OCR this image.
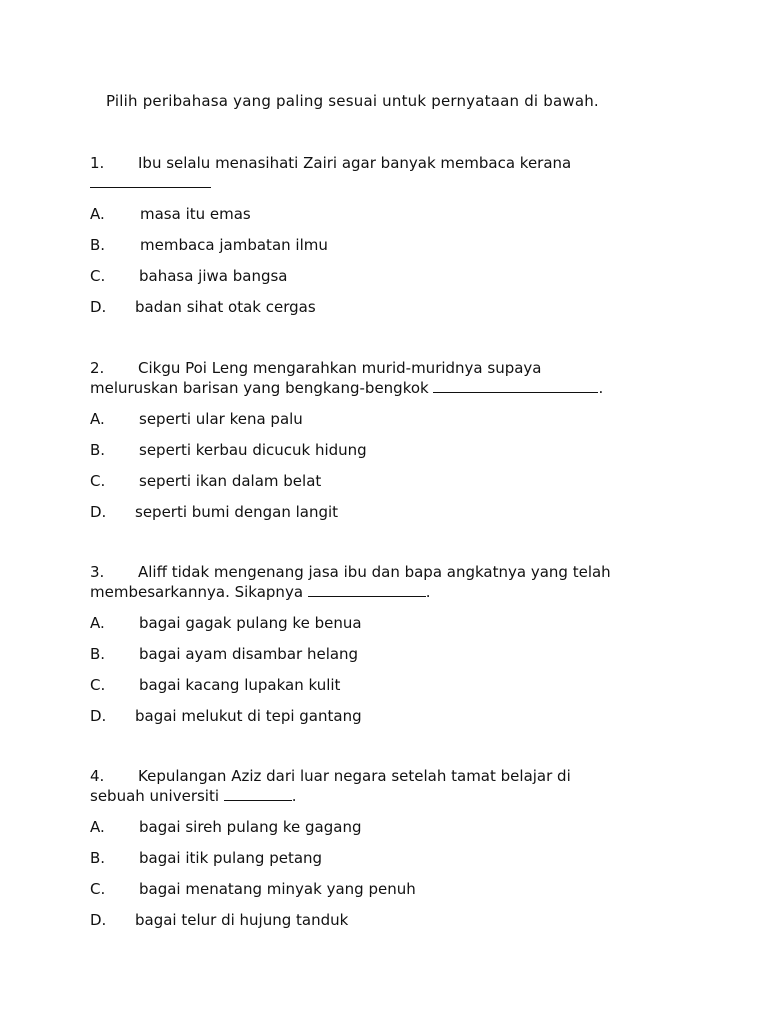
Pilih peribahasa yang paling sesuai untuk pernyataan di bawah.
1. Ibu selalu menasihati Zairi agar banyak membaca kerana

A. masa itu emas
B. membaca jambatan ilmu
C. bahasa jiwa bangsa
D. badan sihat otak cergas
2. Cikgu Poi Leng mengarahkan murid-muridnya supaya
meluruskan barisan yang bengkang-bengkok	.
A. seperti ular kena palu
B. seperti kerbau dicucuk hidung
C. seperti ikan dalam belat
D. seperti bumi dengan langit
3. Aliff tidak mengenang jasa ibu dan bapa angkatnya yang telah
membesarkannya. Sikapnya	.
A. bagai gagak pulang ke benua
B. bagai ayam disambar helang
C. bagai kacang lupakan kulit
D. bagai melukut di tepi gantang
4. Kepulangan Aziz dari luar negara setelah tamat belajar di
sebuah universiti	.
A. bagai sireh pulang ke gagang
B. bagai itik pulang petang
C. bagai menatang minyak yang penuh
D. bagai telur di hujung tanduk
